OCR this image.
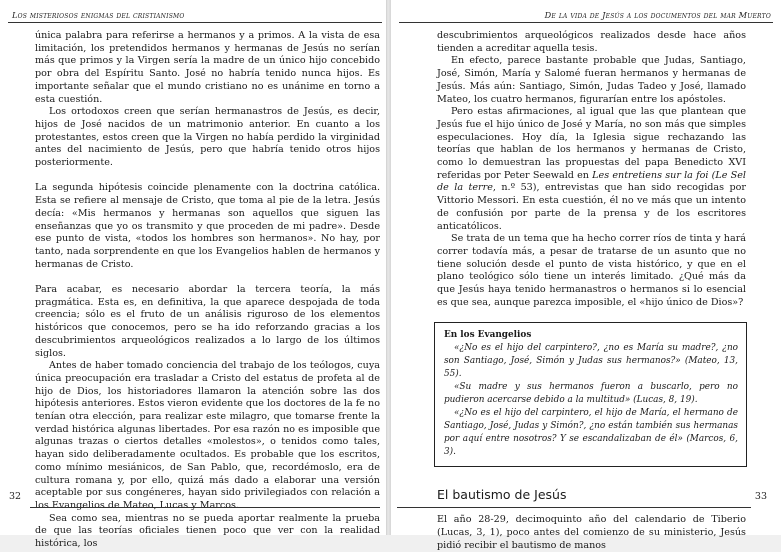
Los misteriosos enigmas del cristianismo

única palabra para referirse a hermanos y a primos. A la vista de esa limitación, los pretendidos hermanos y hermanas de Jesús no serían más que primos y la Virgen sería la madre de un único hijo concebido por obra del Espíritu Santo. José no habría tenido nunca hijos. Es importante señalar que el mundo cristiano no es unánime en torno a esta cuestión.

Los ortodoxos creen que serían hermanastros de Jesús, es decir, hijos de José nacidos de un matrimonio anterior. En cuanto a los protestantes, estos creen que la Virgen no había perdido la virginidad antes del nacimiento de Jesús, pero que habría tenido otros hijos posteriormente.

La segunda hipótesis coincide plenamente con la doctrina católica. Esta se refiere al mensaje de Cristo, que toma al pie de la letra. Jesús decía: «Mis hermanos y hermanas son aquellos que siguen las enseñanzas que yo os transmito y que proceden de mi padre». Desde ese punto de vista, «todos los hombres son hermanos». No hay, por tanto, nada sorprendente en que los Evangelios hablen de hermanos y hermanas de Cristo.

Para acabar, es necesario abordar la tercera teoría, la más pragmática. Esta es, en definitiva, la que aparece despojada de toda creencia; sólo es el fruto de un análisis riguroso de los elementos históricos que conocemos, pero se ha ido reforzando gracias a los descubrimientos arqueológicos realizados a lo largo de los últimos siglos.

Antes de haber tomado conciencia del trabajo de los teólogos, cuya única preocupación era trasladar a Cristo del estatus de profeta al de hijo de Dios, los historiadores llamaron la atención sobre las dos hipótesis anteriores. Estos vieron evidente que los doctores de la fe no tenían otra elección, para realizar este milagro, que tomarse frente la verdad histórica algunas libertades. Por esa razón no es imposible que algunas trazas o ciertos detalles «molestos», o tenidos como tales, hayan sido deliberadamente ocultados. Es probable que los escritos, como mínimo mesiánicos, de San Pablo, que, recordémoslo, era de cultura romana y, por ello, quizá más dado a elaborar una versión aceptable por sus congéneres, hayan sido privilegiados con relación a los Evangelios de Mateo, Lucas y Marcos.

Sea como sea, mientras no se pueda aportar realmente la prueba de que las teorías oficiales tienen poco que ver con la realidad histórica, los

32
De la vida de Jesús a los documentos del mar Muerto

descubrimientos arqueológicos realizados desde hace años tienden a acreditar aquella tesis.

En efecto, parece bastante probable que Judas, Santiago, José, Simón, María y Salomé fueran hermanos y hermanas de Jesús. Más aún: Santiago, Simón, Judas Tadeo y José, llamado Mateo, los cuatro hermanos, figurarían entre los apóstoles.

Pero estas afirmaciones, al igual que las que plantean que Jesús fue el hijo único de José y María, no son más que simples especulaciones. Hoy día, la Iglesia sigue rechazando las teorías que hablan de los hermanos y hermanas de Cristo, como lo demuestran las propuestas del papa Benedicto XVI referidas por Peter Seewald en Les entretiens sur la foi (Le Sel de la terre, n.º 53), entrevistas que han sido recogidas por Vittorio Messori. En esta cuestión, él no ve más que un intento de confusión por parte de la prensa y de los escritores anticatólicos.

Se trata de un tema que ha hecho correr ríos de tinta y hará correr todavía más, a pesar de tratarse de un asunto que no tiene solución desde el punto de vista histórico, y que en el plano teológico sólo tiene un interés limitado. ¿Qué más da que Jesús haya tenido hermanastros o hermanos si lo esencial es que sea, aunque parezca imposible, el «hijo único de Dios»?

En los Evangelios

«¿No es el hijo del carpintero?, ¿no es María su madre?, ¿no son Santiago, José, Simón y Judas sus hermanos?» (Mateo, 13, 55).

«Su madre y sus hermanos fueron a buscarlo, pero no pudieron acercarse debido a la multitud» (Lucas, 8, 19).

«¿No es el hijo del carpintero, el hijo de María, el hermano de Santiago, José, Judas y Simón?, ¿no están también sus hermanas por aquí entre nosotros? Y se escandalizaban de él» (Marcos, 6, 3).

El bautismo de Jesús

El año 28-29, decimoquinto año del calendario de Tiberio (Lucas, 3, 1), poco antes del comienzo de su ministerio, Jesús pidió recibir el bautismo de manos

33
